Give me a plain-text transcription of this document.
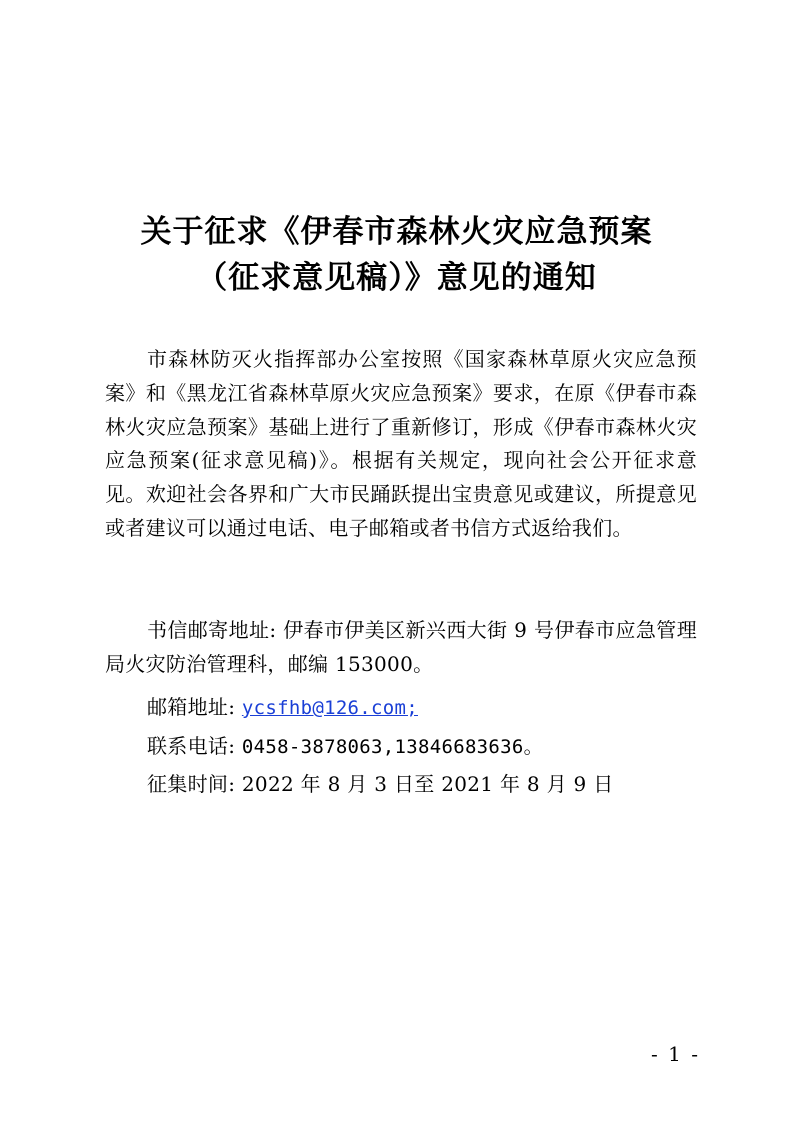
关于征求《伊春市森林火灾应急预案
（征求意见稿）》意见的通知
市森林防灭火指挥部办公室按照《国家森林草原火灾应急预案》和《黑龙江省森林草原火灾应急预案》要求，在原《伊春市森林火灾应急预案》基础上进行了重新修订，形成《伊春市森林火灾应急预案(征求意见稿)》。根据有关规定，现向社会公开征求意见。欢迎社会各界和广大市民踊跃提出宝贵意见或建议，所提意见或者建议可以通过电话、电子邮箱或者书信方式返给我们。
书信邮寄地址: 伊春市伊美区新兴西大街 9 号伊春市应急管理局火灾防治管理科，邮编 153000。
邮箱地址: ycsfhb@126.com;
联系电话: 0458-3878063,13846683636。
征集时间: 2022 年 8 月 3 日至 2021 年 8 月 9 日
- 1 -
